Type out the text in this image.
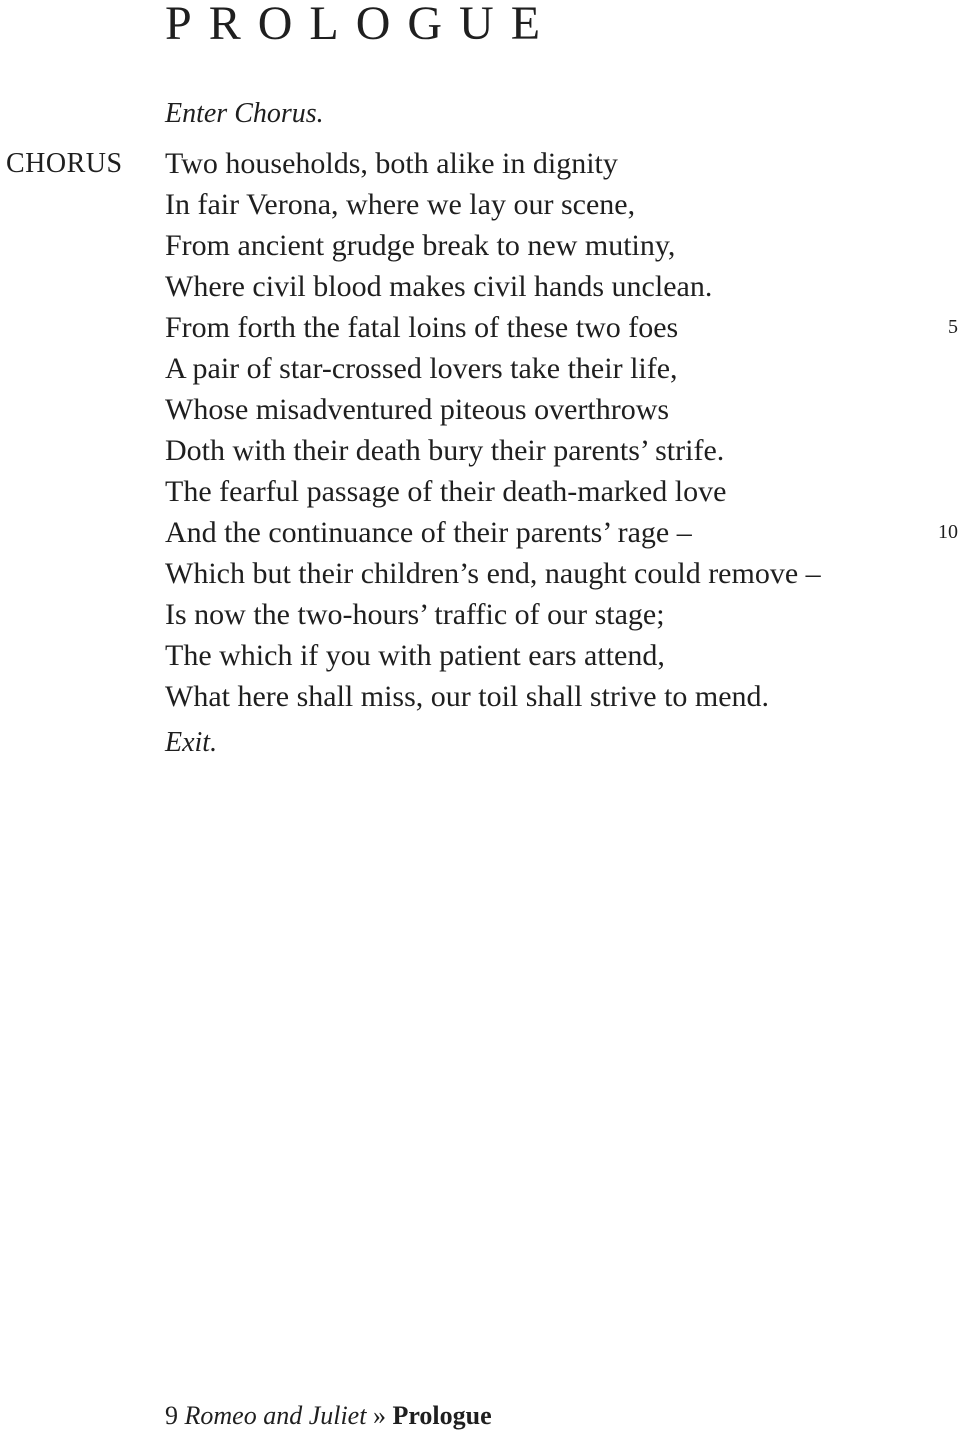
PROLOGUE
Enter Chorus.
CHORUS Two households, both alike in dignity
In fair Verona, where we lay our scene,
From ancient grudge break to new mutiny,
Where civil blood makes civil hands unclean.
From forth the fatal loins of these two foes
A pair of star-crossed lovers take their life,
Whose misadventured piteous overthrows
Doth with their death bury their parents’ strife.
The fearful passage of their death-marked love
And the continuance of their parents’ rage –
Which but their children’s end, naught could remove –
Is now the two-hours’ traffic of our stage;
The which if you with patient ears attend,
What here shall miss, our toil shall strive to mend.
5
10
Exit.
9 Romeo and Juliet » Prologue
